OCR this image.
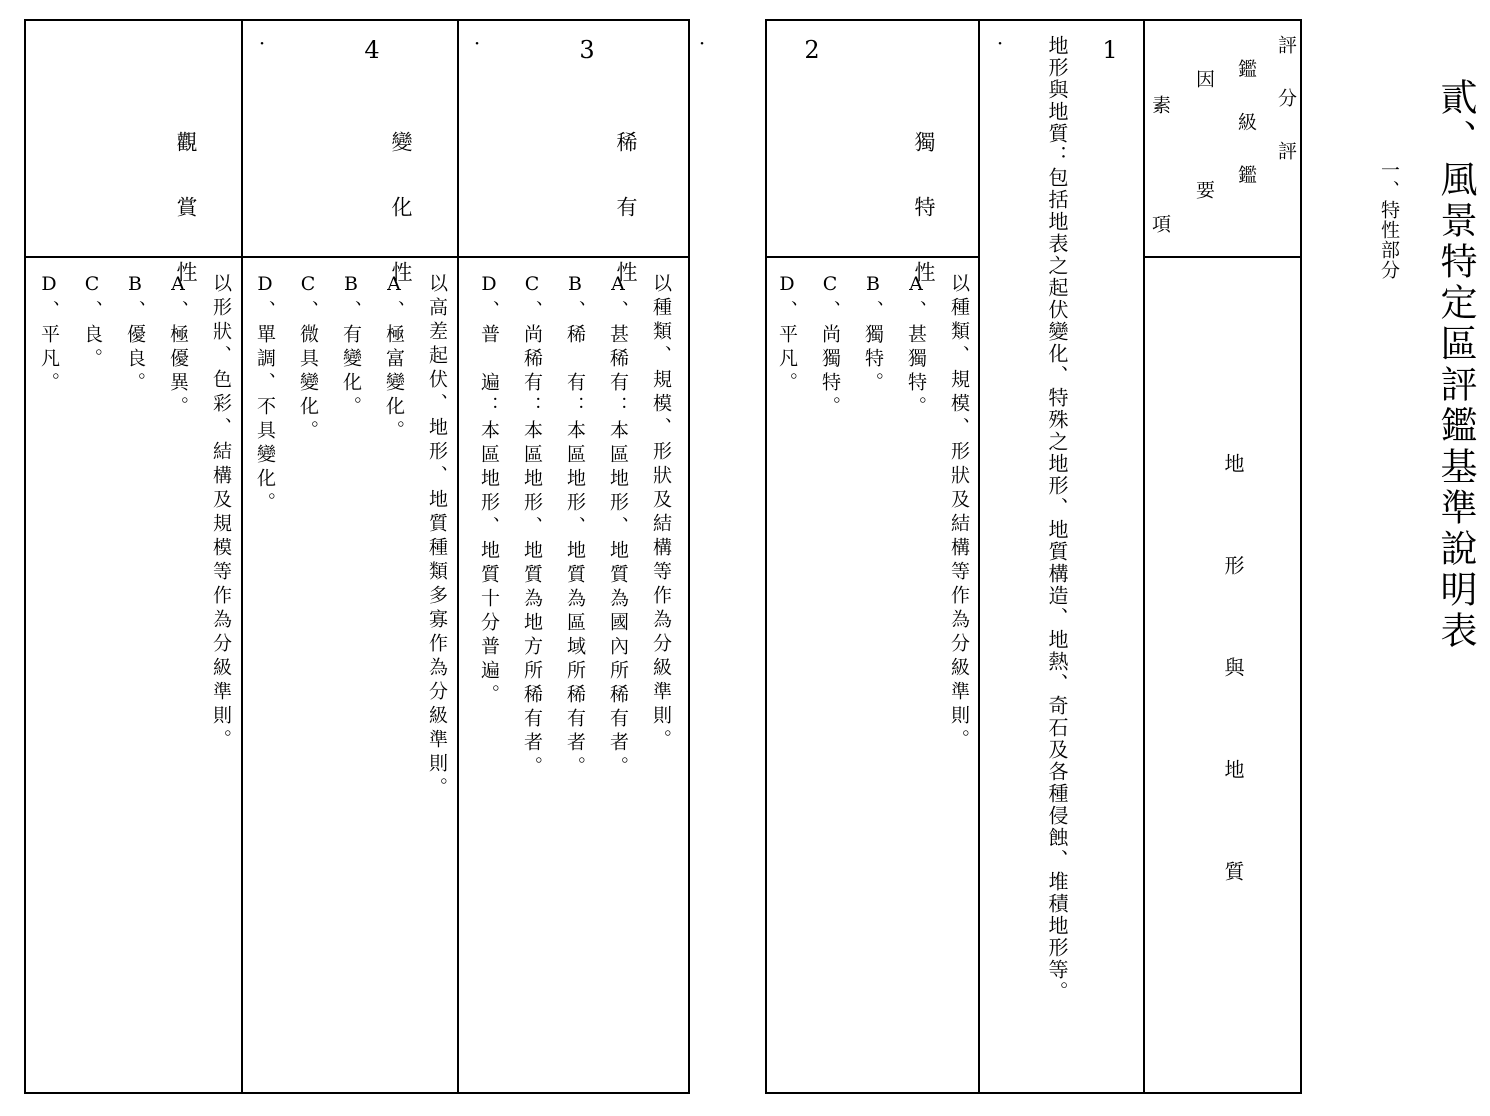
貳、風景特定區評鑑基準說明表
一、特性部分
評分評
鑑級鑑
因要
素項
地形與地質
地形與地質：包括地表之起伏變化、特殊之地形、地質構造、地熱、奇石及各種侵蝕、堆積地形等。

1

·

獨特性

以種類、規模、形狀及結構等作為分級準則。
A、甚獨特。
B、獨特。
C、尚獨特。
D、平凡。

2

·

稀有性

3

·

變化性

4

·

觀賞性

以種類、規模、形狀及結構等作為分級準則。
A、甚稀有：本區地形、地質為國內所稀有者。
B、稀　有：本區地形、地質為區域所稀有者。
C、尚稀有：本區地形、地質為地方所稀有者。
D、普　遍：本區地形、地質十分普遍。
以高差起伏、地形、地質種類多寡作為分級準則。
A、極富變化。
B、有變化。
C、微具變化。
D、單調、不具變化。
以形狀、色彩、結構及規模等作為分級準則。
A、極優異。
B、優良。
C、良。
D、平凡。
